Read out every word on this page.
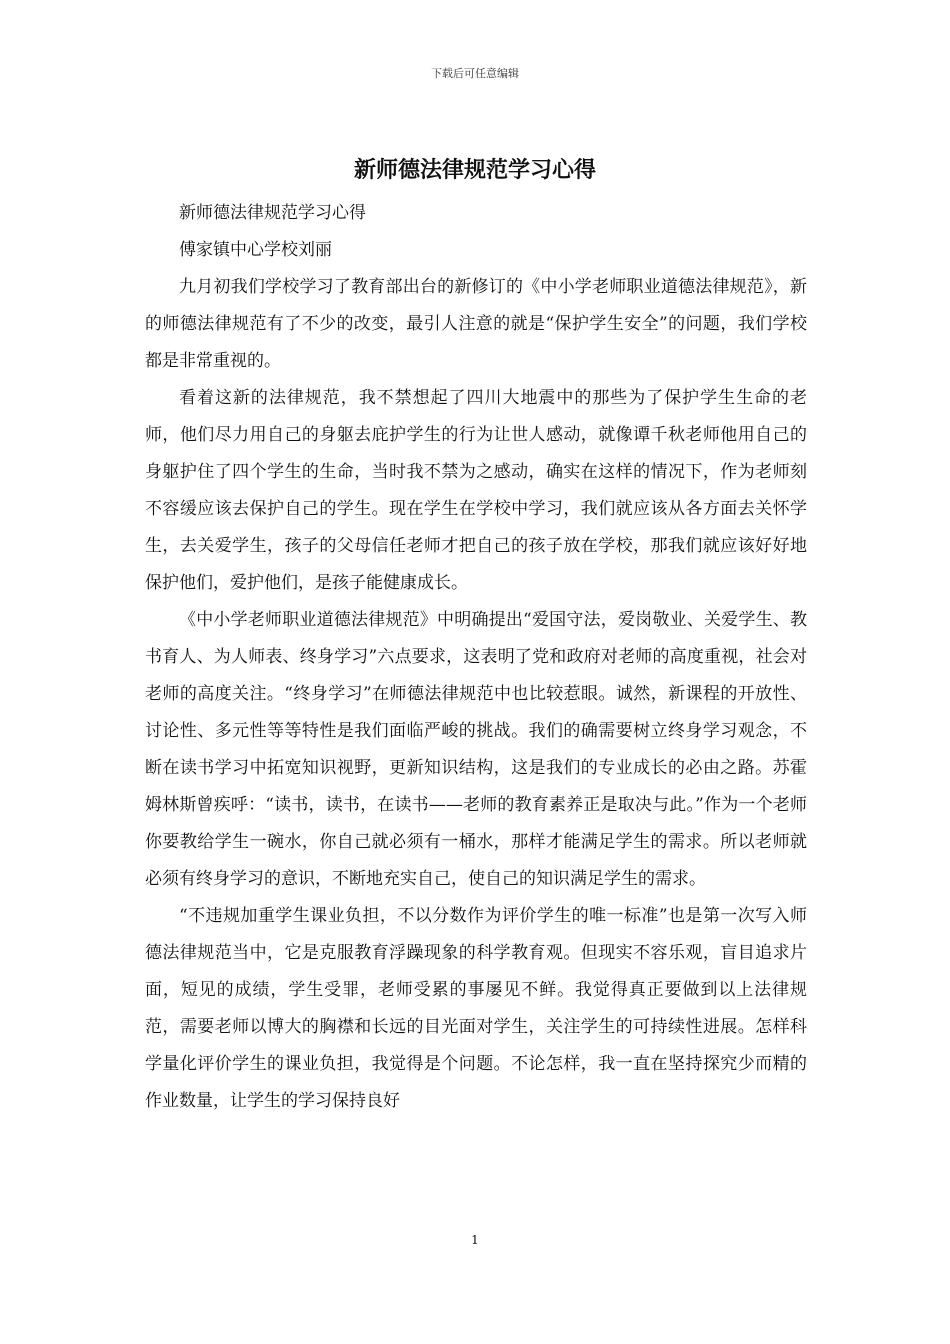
下载后可任意编辑
新师德法律规范学习心得

新师德法律规范学习心得

傅家镇中心学校刘丽

九月初我们学校学习了教育部出台的新修订的《中小学老师职业道德法律规范》，新的师德法律规范有了不少的改变，最引人注意的就是“保护学生安全”的问题，我们学校都是非常重视的。

看着这新的法律规范，我不禁想起了四川大地震中的那些为了保护学生生命的老师，他们尽力用自己的身躯去庇护学生的行为让世人感动，就像谭千秋老师他用自己的身躯护住了四个学生的生命，当时我不禁为之感动，确实在这样的情况下，作为老师刻不容缓应该去保护自己的学生。现在学生在学校中学习，我们就应该从各方面去关怀学生，去关爱学生，孩子的父母信任老师才把自己的孩子放在学校，那我们就应该好好地保护他们，爱护他们，是孩子能健康成长。

《中小学老师职业道德法律规范》中明确提出“爱国守法，爱岗敬业、关爱学生、教书育人、为人师表、终身学习”六点要求，这表明了党和政府对老师的高度重视，社会对老师的高度关注。“终身学习”在师德法律规范中也比较惹眼。诚然，新课程的开放性、讨论性、多元性等等特性是我们面临严峻的挑战。我们的确需要树立终身学习观念，不断在读书学习中拓宽知识视野，更新知识结构，这是我们的专业成长的必由之路。苏霍姆林斯曾疾呼：“读书，读书，在读书——老师的教育素养正是取决与此。”作为一个老师你要教给学生一碗水，你自己就必须有一桶水，那样才能满足学生的需求。所以老师就必须有终身学习的意识，不断地充实自己，使自己的知识满足学生的需求。

“不违规加重学生课业负担，不以分数作为评价学生的唯一标准”也是第一次写入师德法律规范当中，它是克服教育浮躁现象的科学教育观。但现实不容乐观，盲目追求片面，短见的成绩，学生受罪，老师受累的事屡见不鲜。我觉得真正要做到以上法律规范，需要老师以博大的胸襟和长远的目光面对学生，关注学生的可持续性进展。怎样科学量化评价学生的课业负担，我觉得是个问题。不论怎样，我一直在坚持探究少而精的作业数量，让学生的学习保持良好

1
